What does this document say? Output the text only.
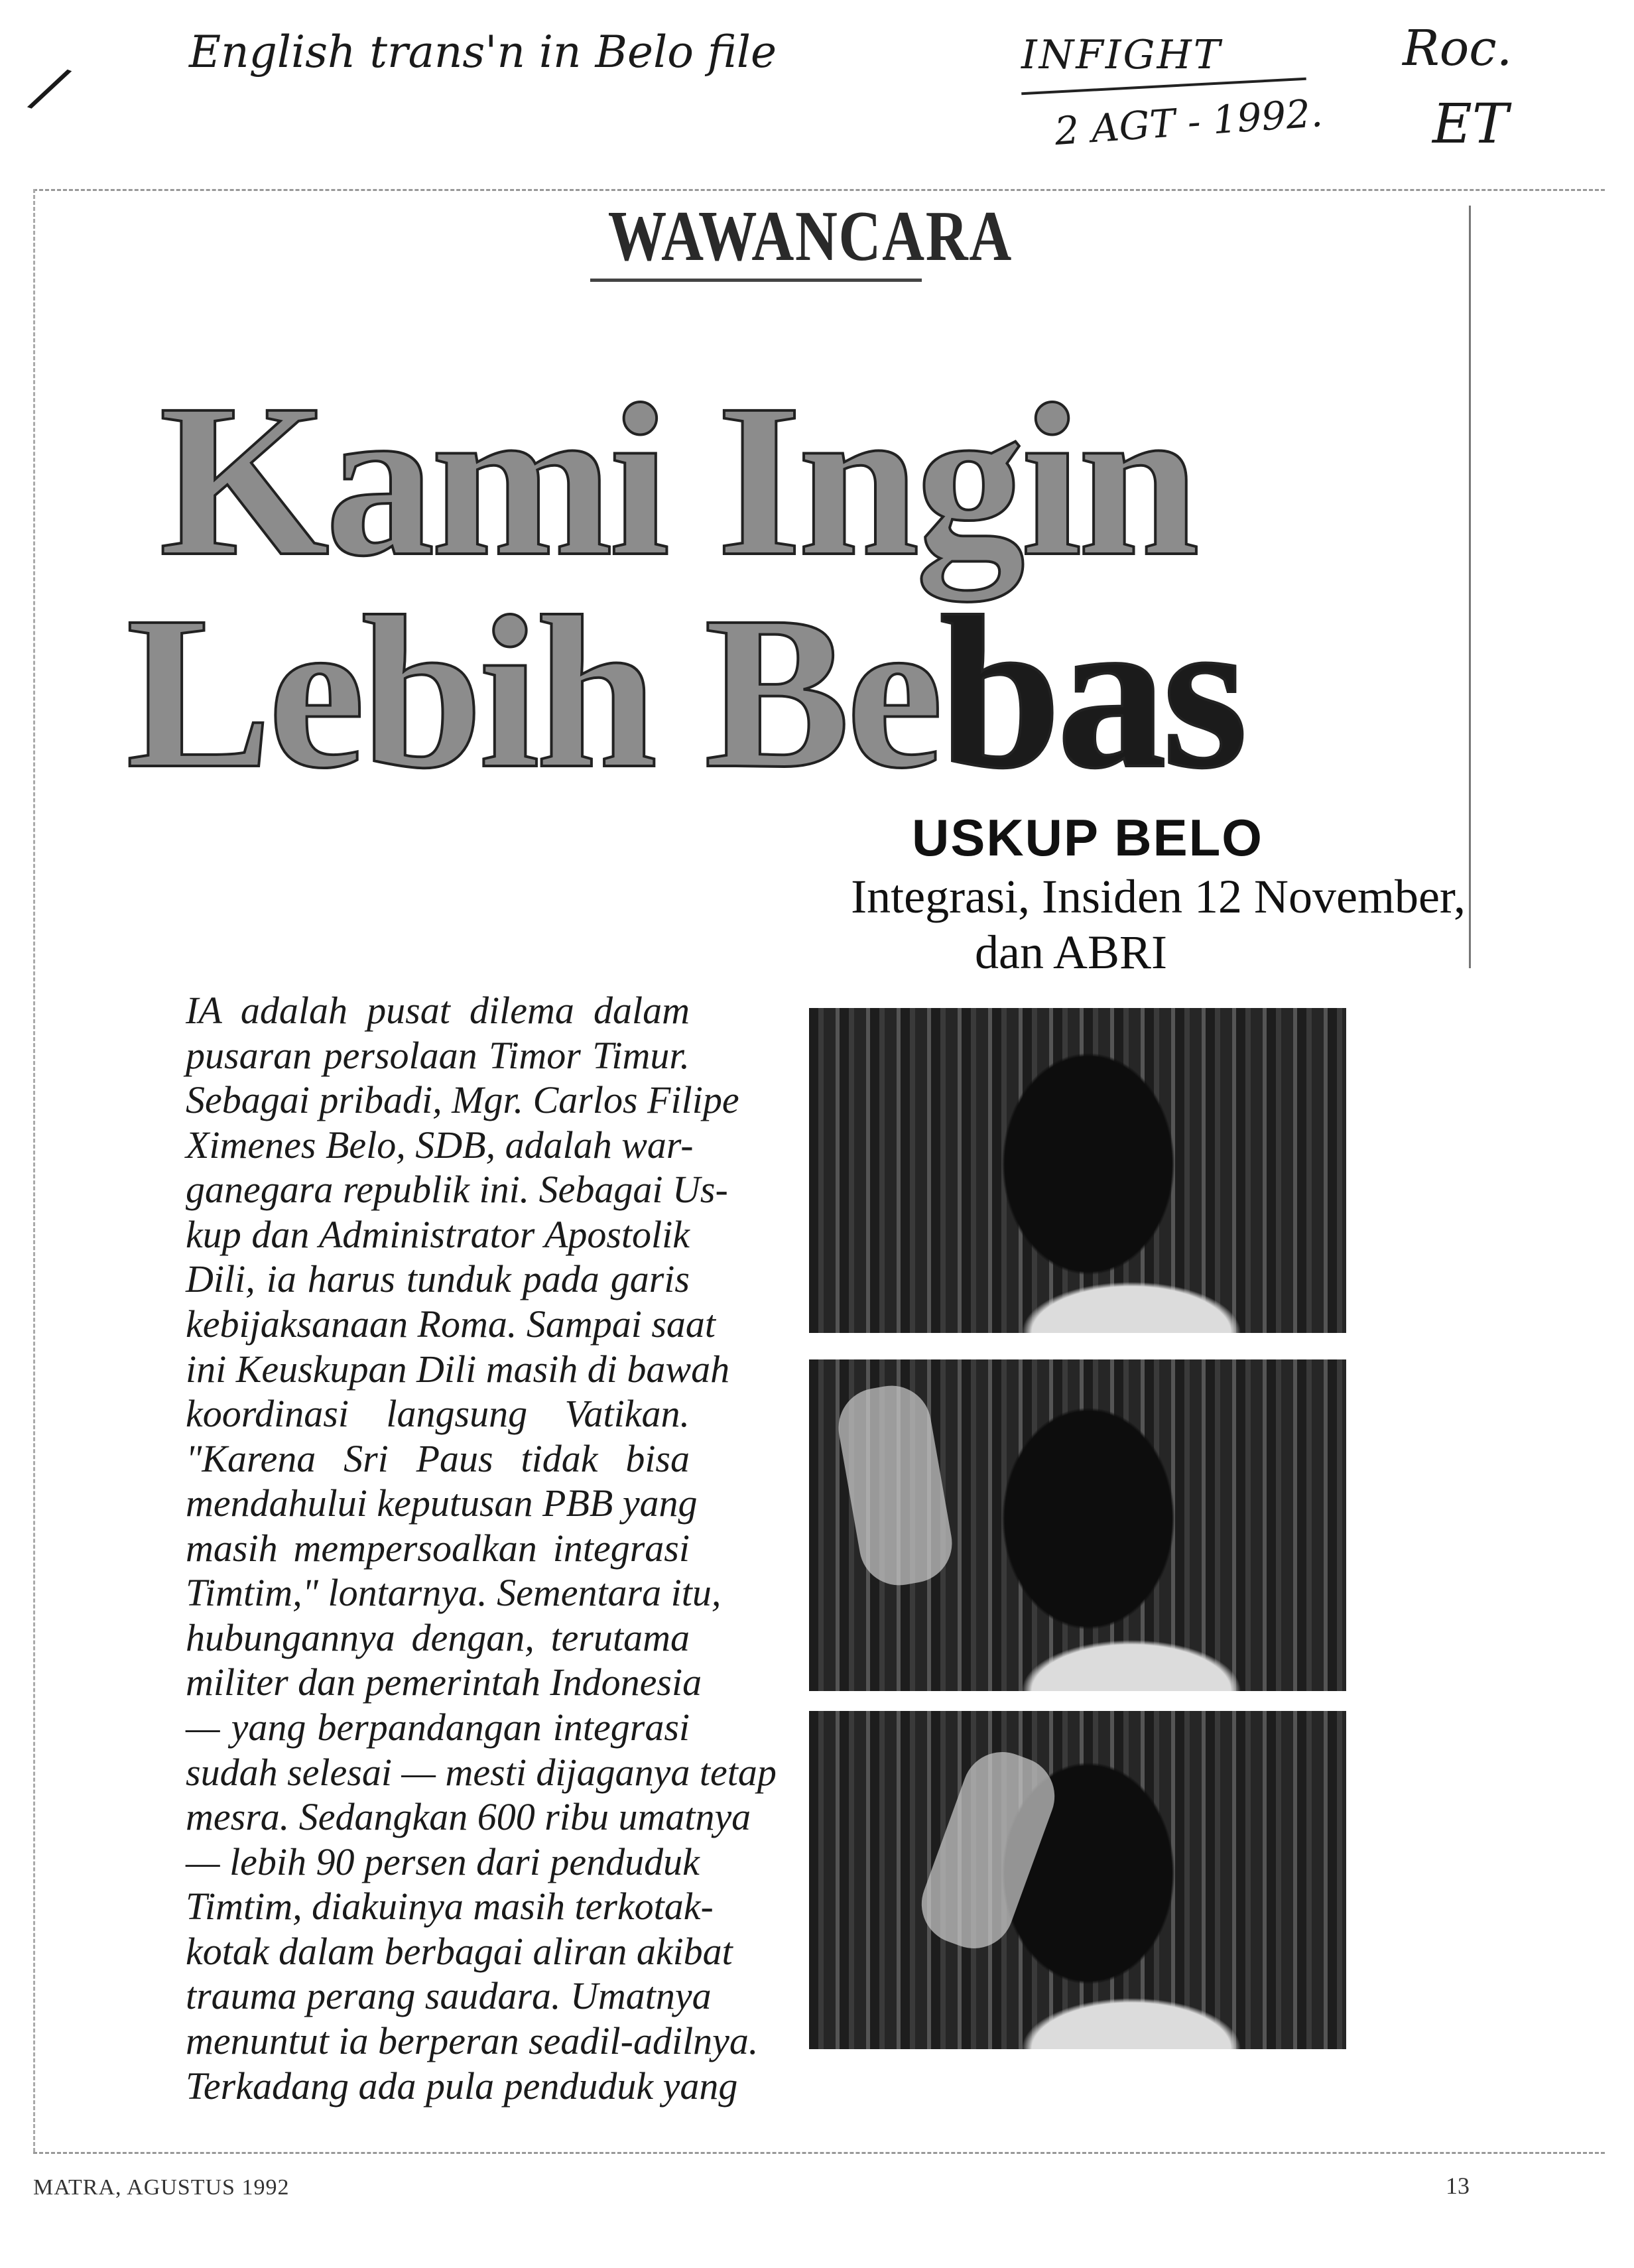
/	English trans'n in Belo file	INFIGHT
2 AGT - 1992.
Roc.
ET
WAWANCARA
Kami Ingin
Lebih Bebas
USKUP BELO
Integrasi, Insiden 12 November,
dan ABRI
IA adalah pusat dilema dalam
pusaran persolaan Timor Timur.
Sebagai pribadi, Mgr. Carlos Filipe
Ximenes Belo, SDB, adalah war-
ganegara republik ini. Sebagai Us-
kup dan Administrator Apostolik
Dili, ia harus tunduk pada garis
kebijaksanaan Roma. Sampai saat
ini Keuskupan Dili masih di bawah
koordinasi langsung Vatikan.
"Karena Sri Paus tidak bisa
mendahului keputusan PBB yang
masih mempersoalkan integrasi
Timtim," lontarnya. Sementara itu,
hubungannya dengan, terutama
militer dan pemerintah Indonesia
— yang berpandangan integrasi
sudah selesai — mesti dijaganya tetap
mesra. Sedangkan 600 ribu umatnya
— lebih 90 persen dari penduduk
Timtim, diakuinya masih terkotak-
kotak dalam berbagai aliran akibat
trauma perang saudara. Umatnya
menuntut ia berperan seadil-adilnya.
Terkadang ada pula penduduk yang
MATRA, AGUSTUS 1992	13
